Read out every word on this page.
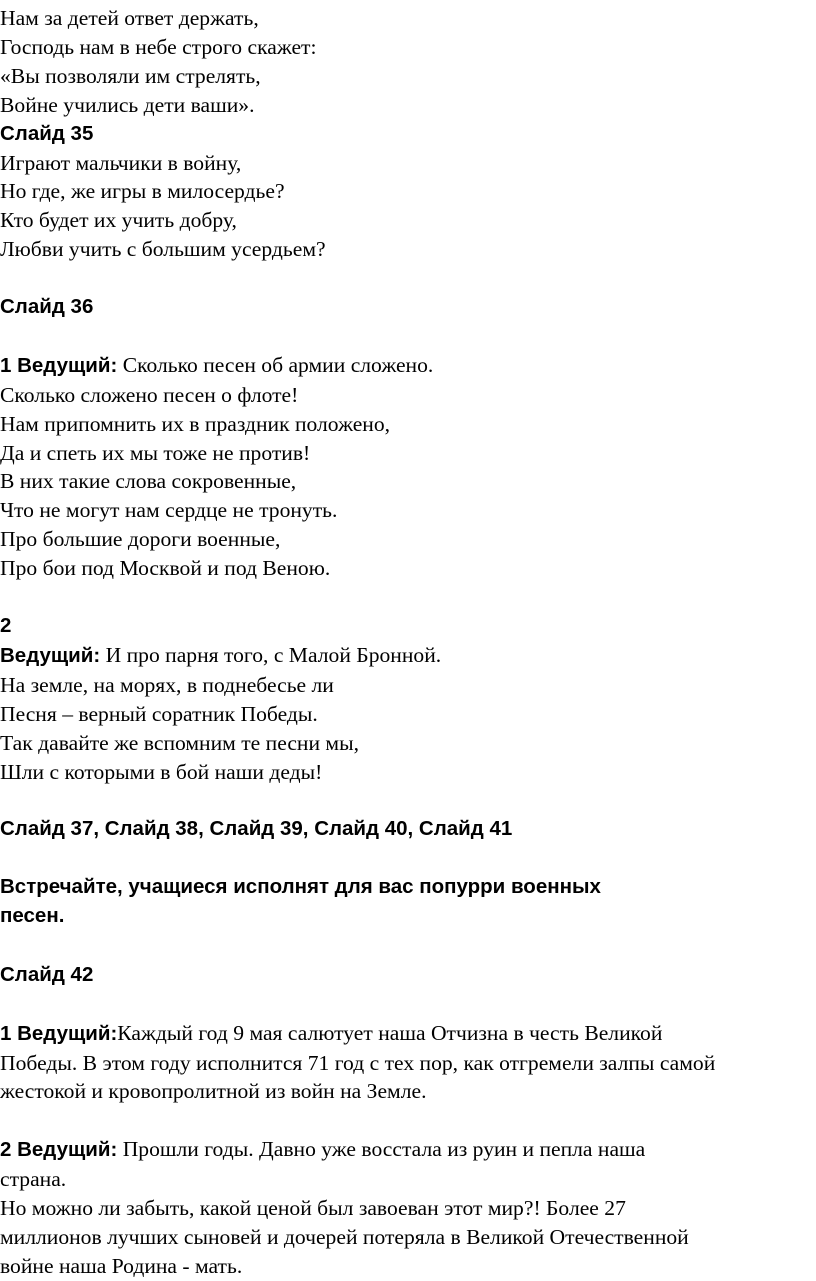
Нам за детей ответ держать,

Господь нам в небе строго скажет:

«Вы позволяли им стрелять,

Войне учились дети ваши».

Слайд 35

Играют мальчики в войну,

Но где, же игры в милосердье?

Кто будет их учить добру,

Любви учить с большим усердьем?

Слайд 36

1 Ведущий: Сколько песен об армии сложено.

Сколько сложено песен о флоте!

Нам припомнить их в праздник положено,

Да и спеть их мы тоже не против!

В них такие слова сокровенные,

Что не могут нам сердце не тронуть.

Про большие дороги военные,

Про бои под Москвой и под Веною.

2

Ведущий: И про парня того, с Малой Бронной.

На земле, на морях, в поднебесье ли

Песня – верный соратник Победы.

Так давайте же вспомним те песни мы,

Шли с которыми в бой наши деды!

Слайд 37, Слайд 38, Слайд 39, Слайд 40, Слайд 41

Встречайте, учащиеся исполнят для вас попурри военных

песен.

Слайд 42

1 Ведущий:Каждый год 9 мая салютует наша Отчизна в честь Великой

Победы. В этом году исполнится 71 год с тех пор, как отгремели залпы самой

жестокой и кровопролитной из войн на Земле.

2 Ведущий: Прошли годы. Давно уже восстала из руин и пепла наша

страна.

Но можно ли забыть, какой ценой был завоеван этот мир?! Более 27

миллионов лучших сыновей и дочерей потеряла в Великой Отечественной

войне наша Родина - мать.
